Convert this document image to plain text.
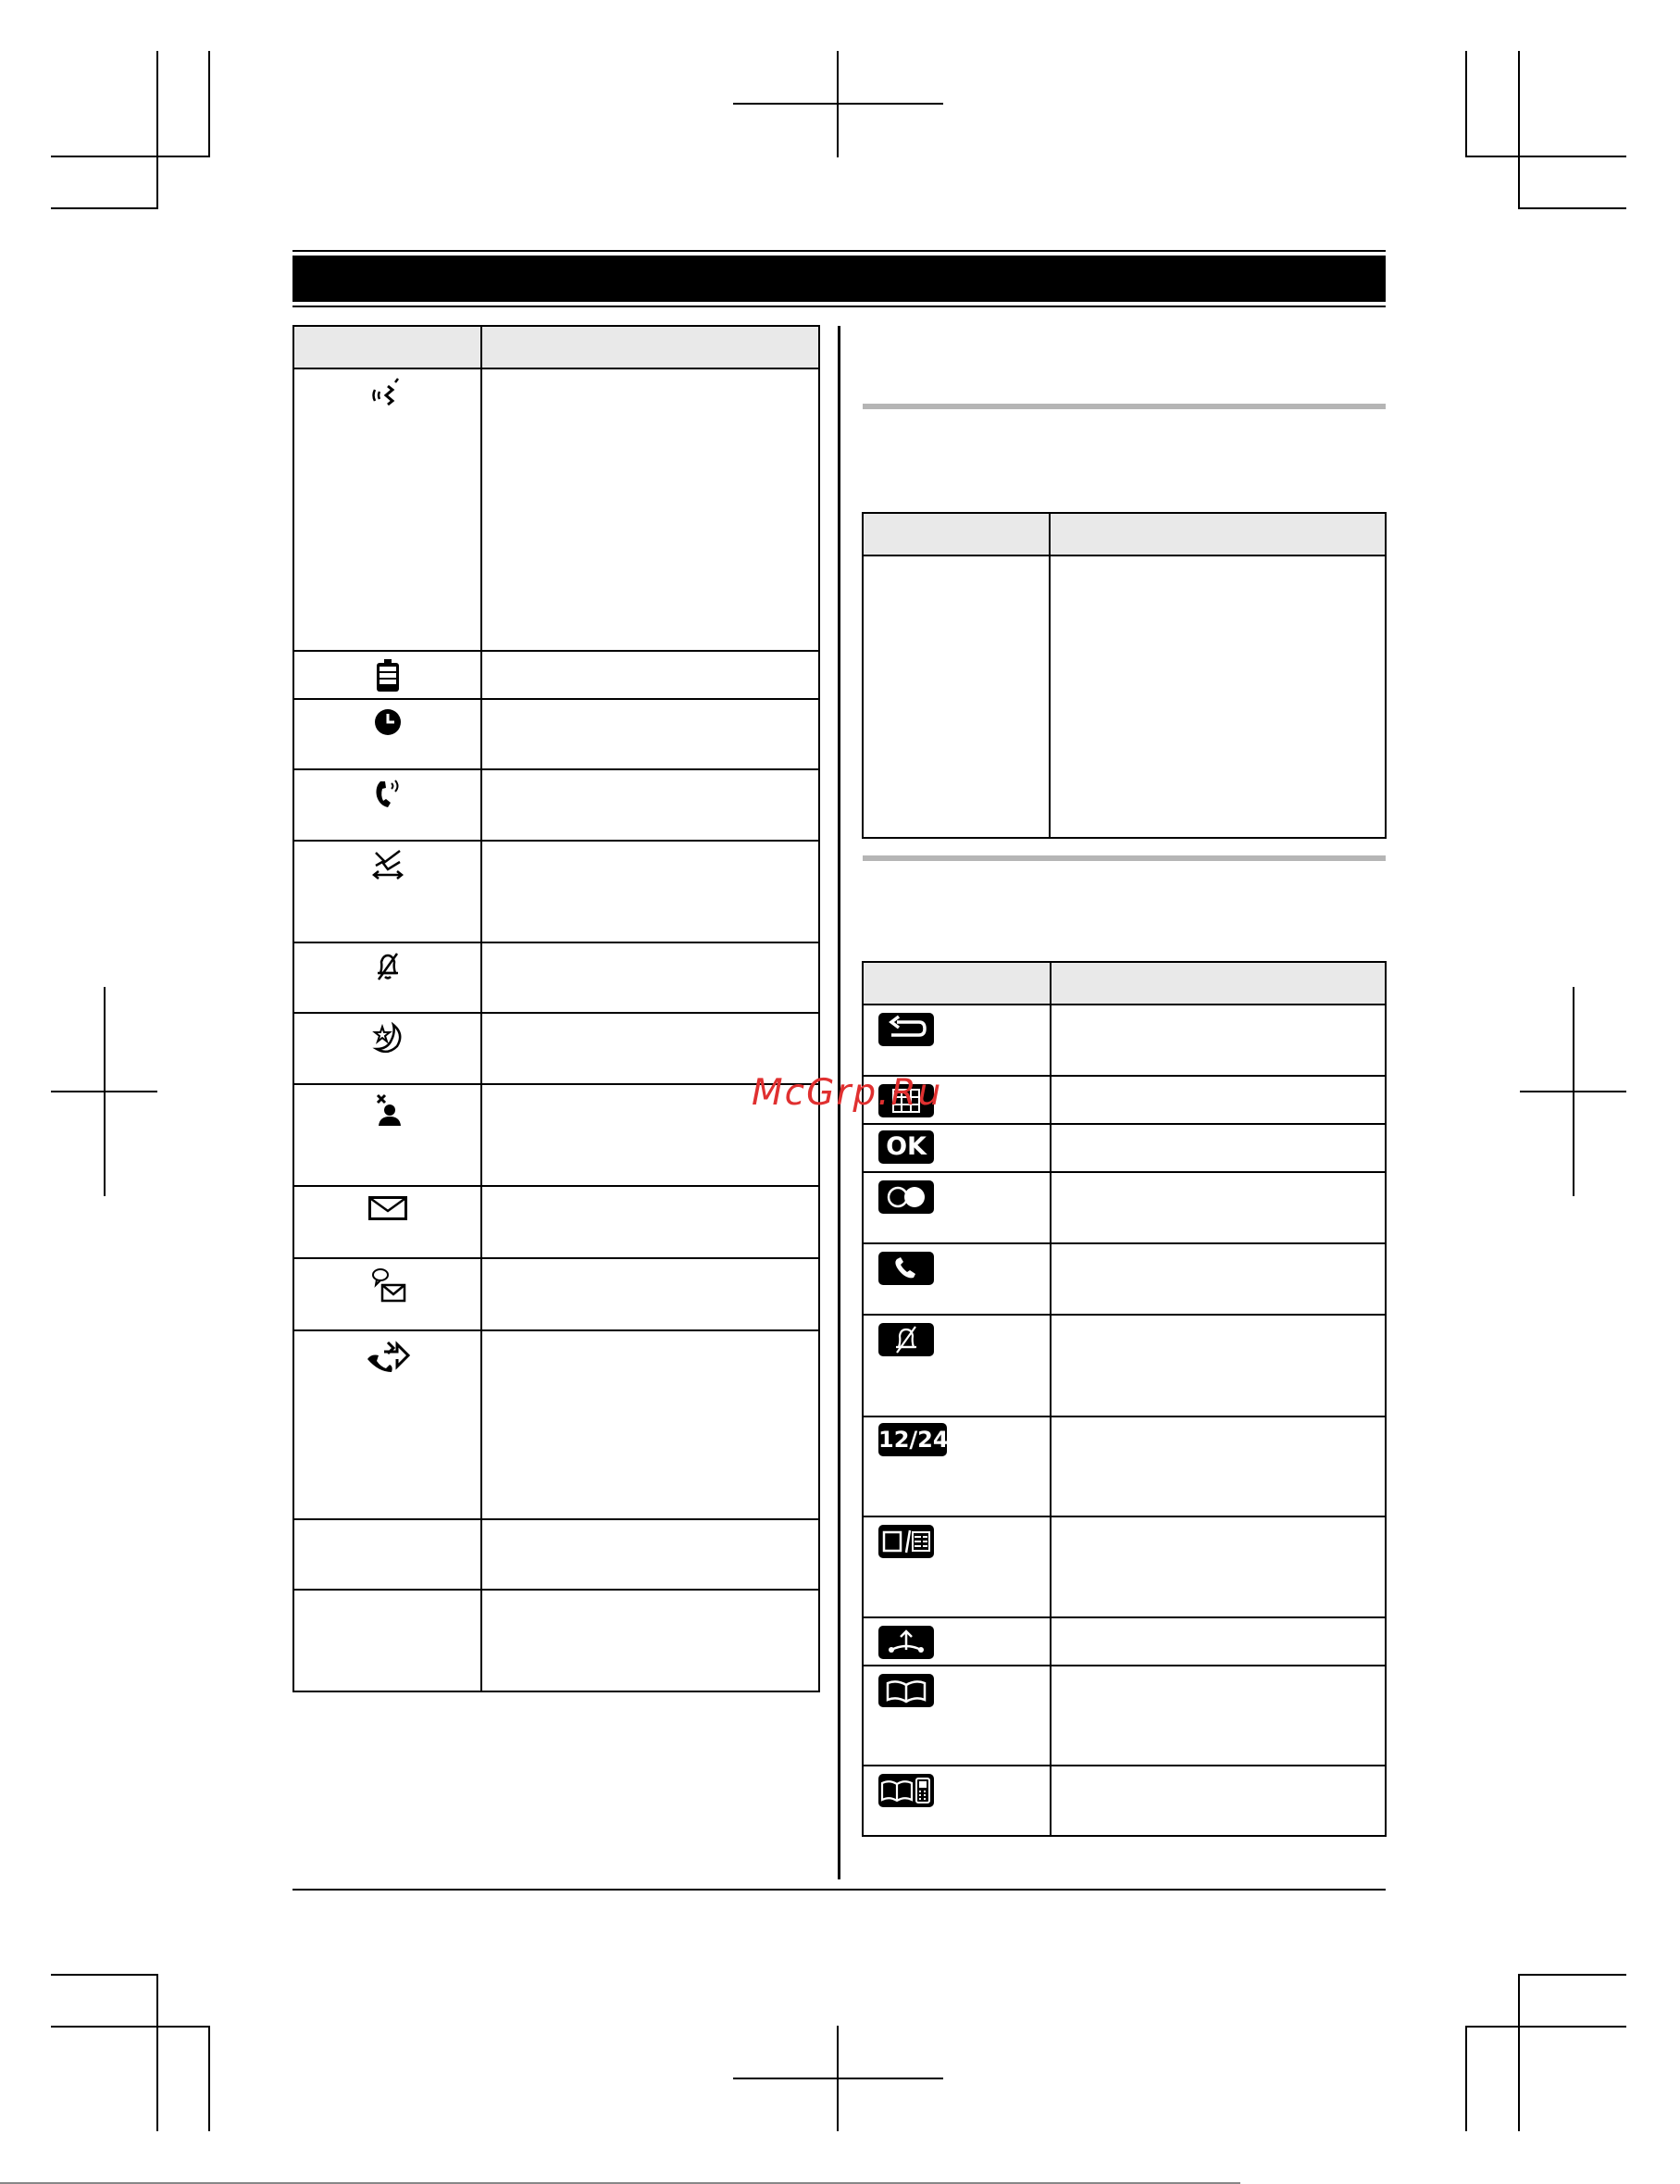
OK	

12/24	

McGrp.Ru
